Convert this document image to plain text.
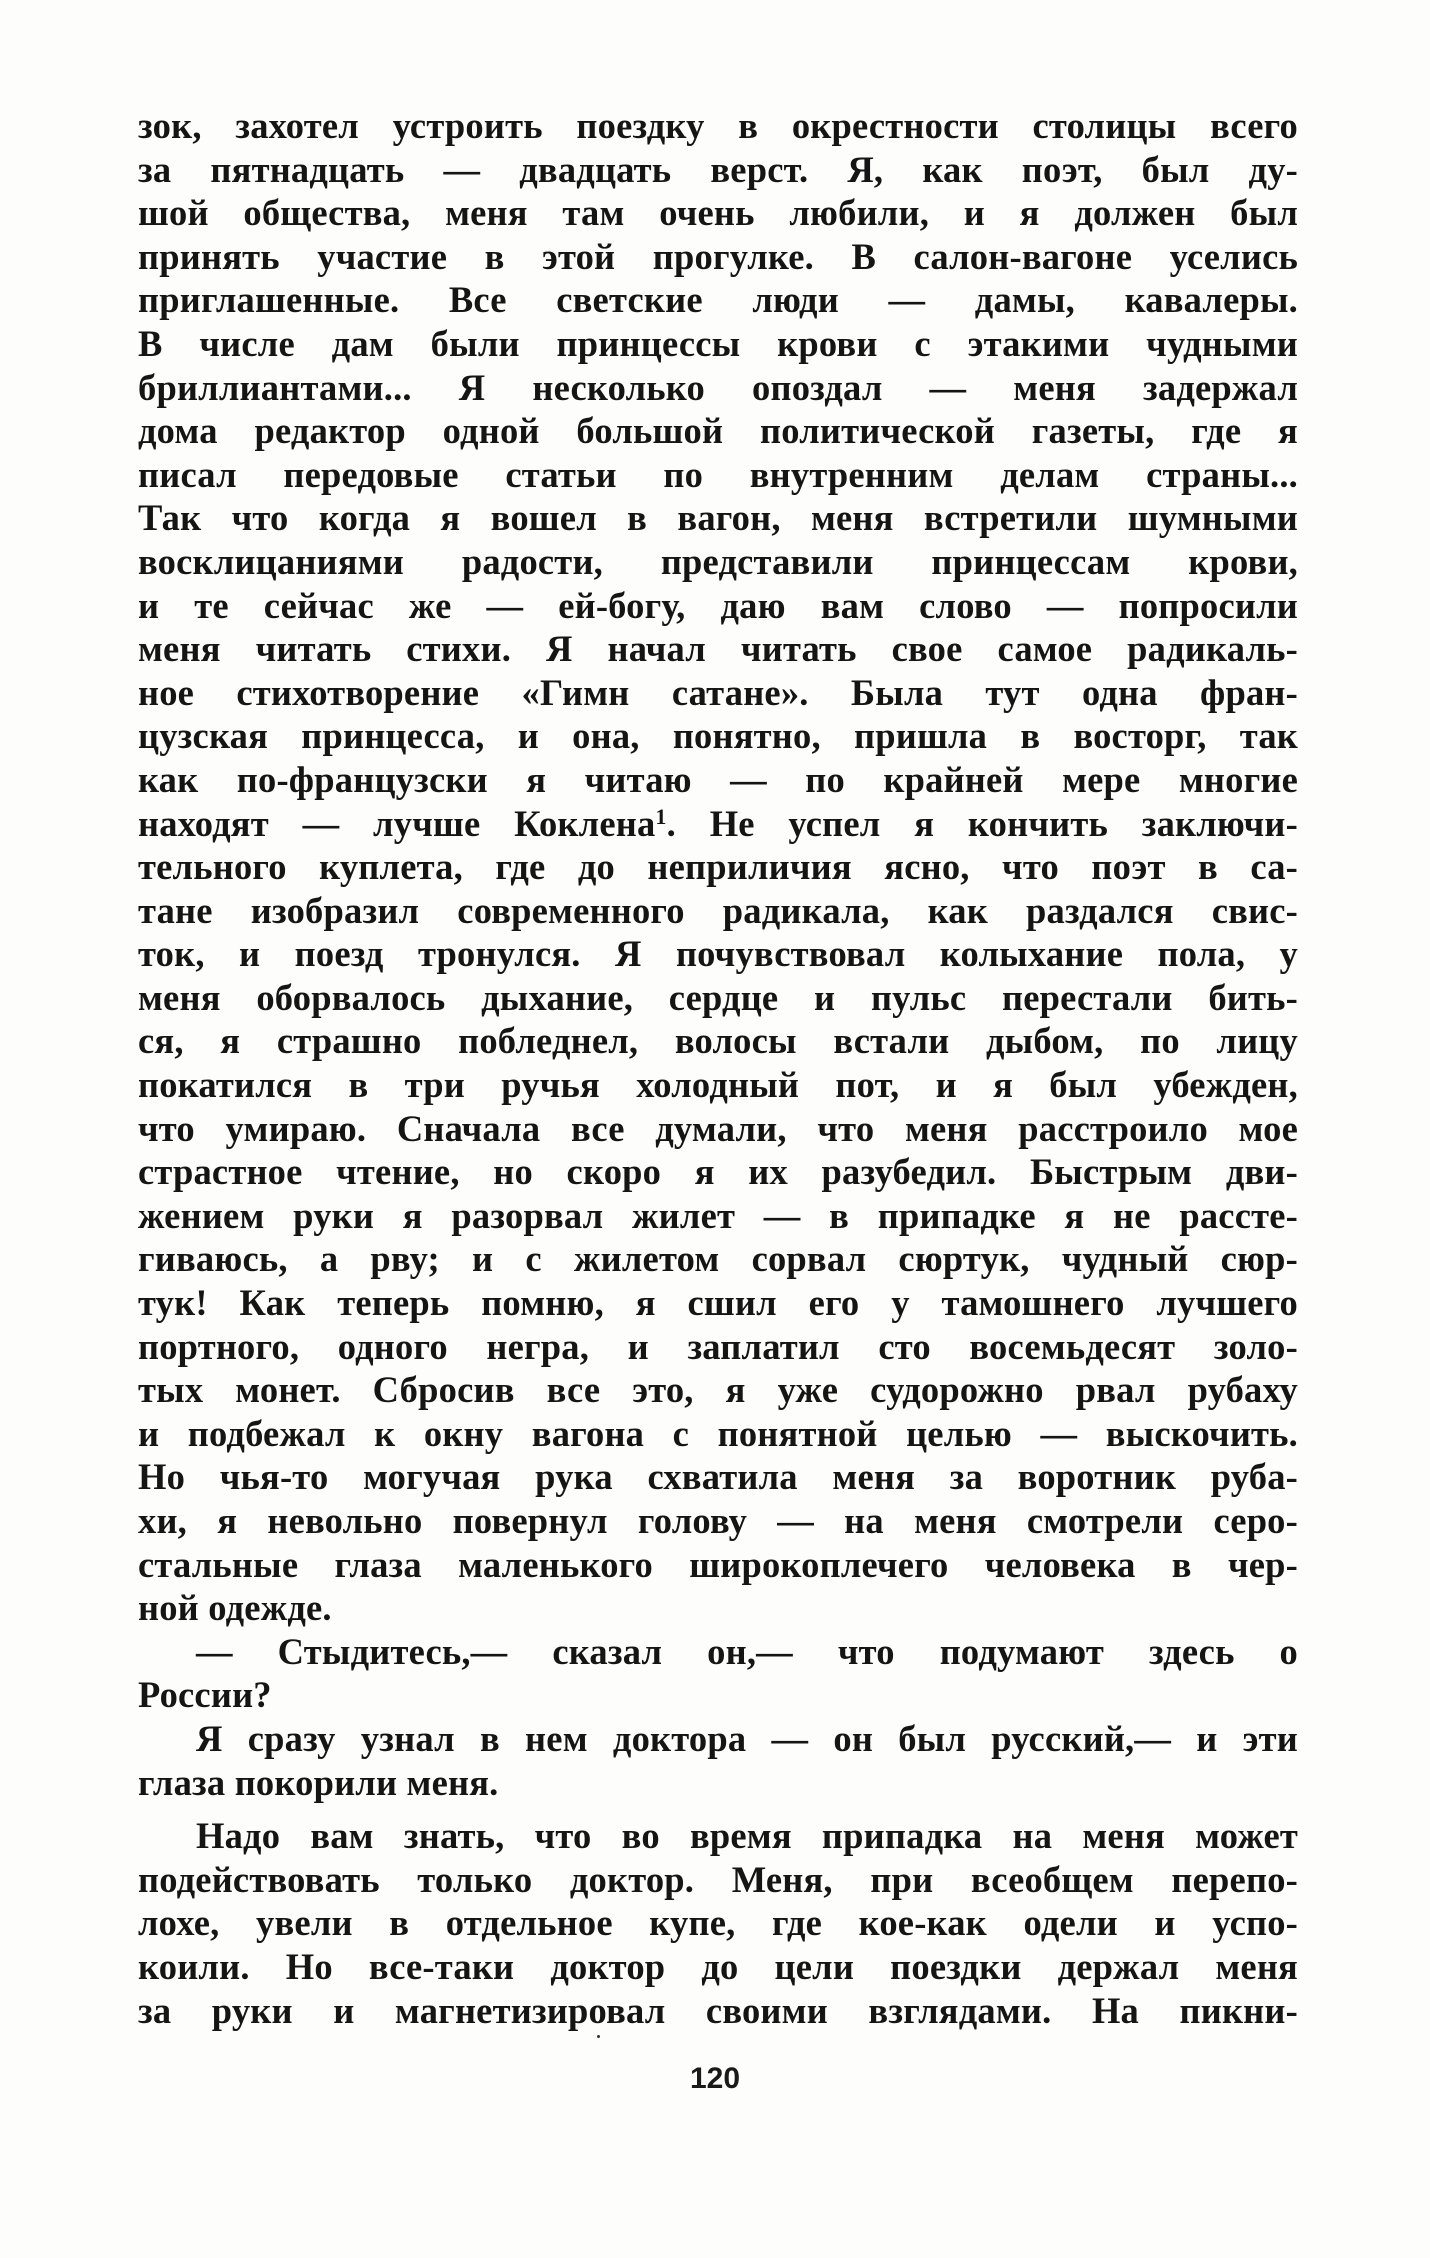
зок, захотел устроить поездку в окрестности столицы всего
за пятнадцать — двадцать верст. Я, как поэт, был ду-
шой общества, меня там очень любили, и я должен был
принять участие в этой прогулке. В салон-вагоне уселись
приглашенные. Все светские люди — дамы, кавалеры.
В числе дам были принцессы крови с этакими чудными
бриллиантами... Я несколько опоздал — меня задержал
дома редактор одной большой политической газеты, где я
писал передовые статьи по внутренним делам страны...
Так что когда я вошел в вагон, меня встретили шумными
восклицаниями радости, представили принцессам крови,
и те сейчас же — ей-богу, даю вам слово — попросили
меня читать стихи. Я начал читать свое самое радикаль-
ное стихотворение «Гимн сатане». Была тут одна фран-
цузская принцесса, и она, понятно, пришла в восторг, так
как по-французски я читаю — по крайней мере многие
находят — лучше Коклена$^1$. Не успел я кончить заключи-
тельного куплета, где до неприличия ясно, что поэт в са-
тане изобразил современного радикала, как раздался свис-
ток, и поезд тронулся. Я почувствовал колыхание пола, у
меня оборвалось дыхание, сердце и пульс перестали бить-
ся, я страшно побледнел, волосы встали дыбом, по лицу
покатился в три ручья холодный пот, и я был убежден,
что умираю. Сначала все думали, что меня расстроило мое
страстное чтение, но скоро я их разубедил. Быстрым дви-
жением руки я разорвал жилет — в припадке я не расстe-
гиваюсь, а рву; и с жилетом сорвал сюртук, чудный сюр-
тук! Как теперь помню, я сшил его у тамошнего лучшего
портного, одного негра, и заплатил сто восемьдесят золо-
тых монет. Сбросив все это, я уже судорожно рвал рубаху
и подбежал к окну вагона с понятной целью — выскочить.
Но чья-то могучая рука схватила меня за воротник руба-
хи, я невольно повернул голову — на меня смотрели серо-
стальные глаза маленького широкоплечего человека в чер-
ной одежде.
— Стыдитесь,— сказал он,— что подумают здесь о
России?
Я сразу узнал в нем доктора — он был русский,— и эти
глаза покорили меня.
Надо вам знать, что во время припадка на меня может
подействовать только доктор. Меня, при всеобщем перепо-
лохе, увели в отдельное купе, где кое-как одели и успо-
коили. Но все-таки доктор до цели поездки держал меня
за руки и магнетизировал своими взглядами. На пикни-
120
